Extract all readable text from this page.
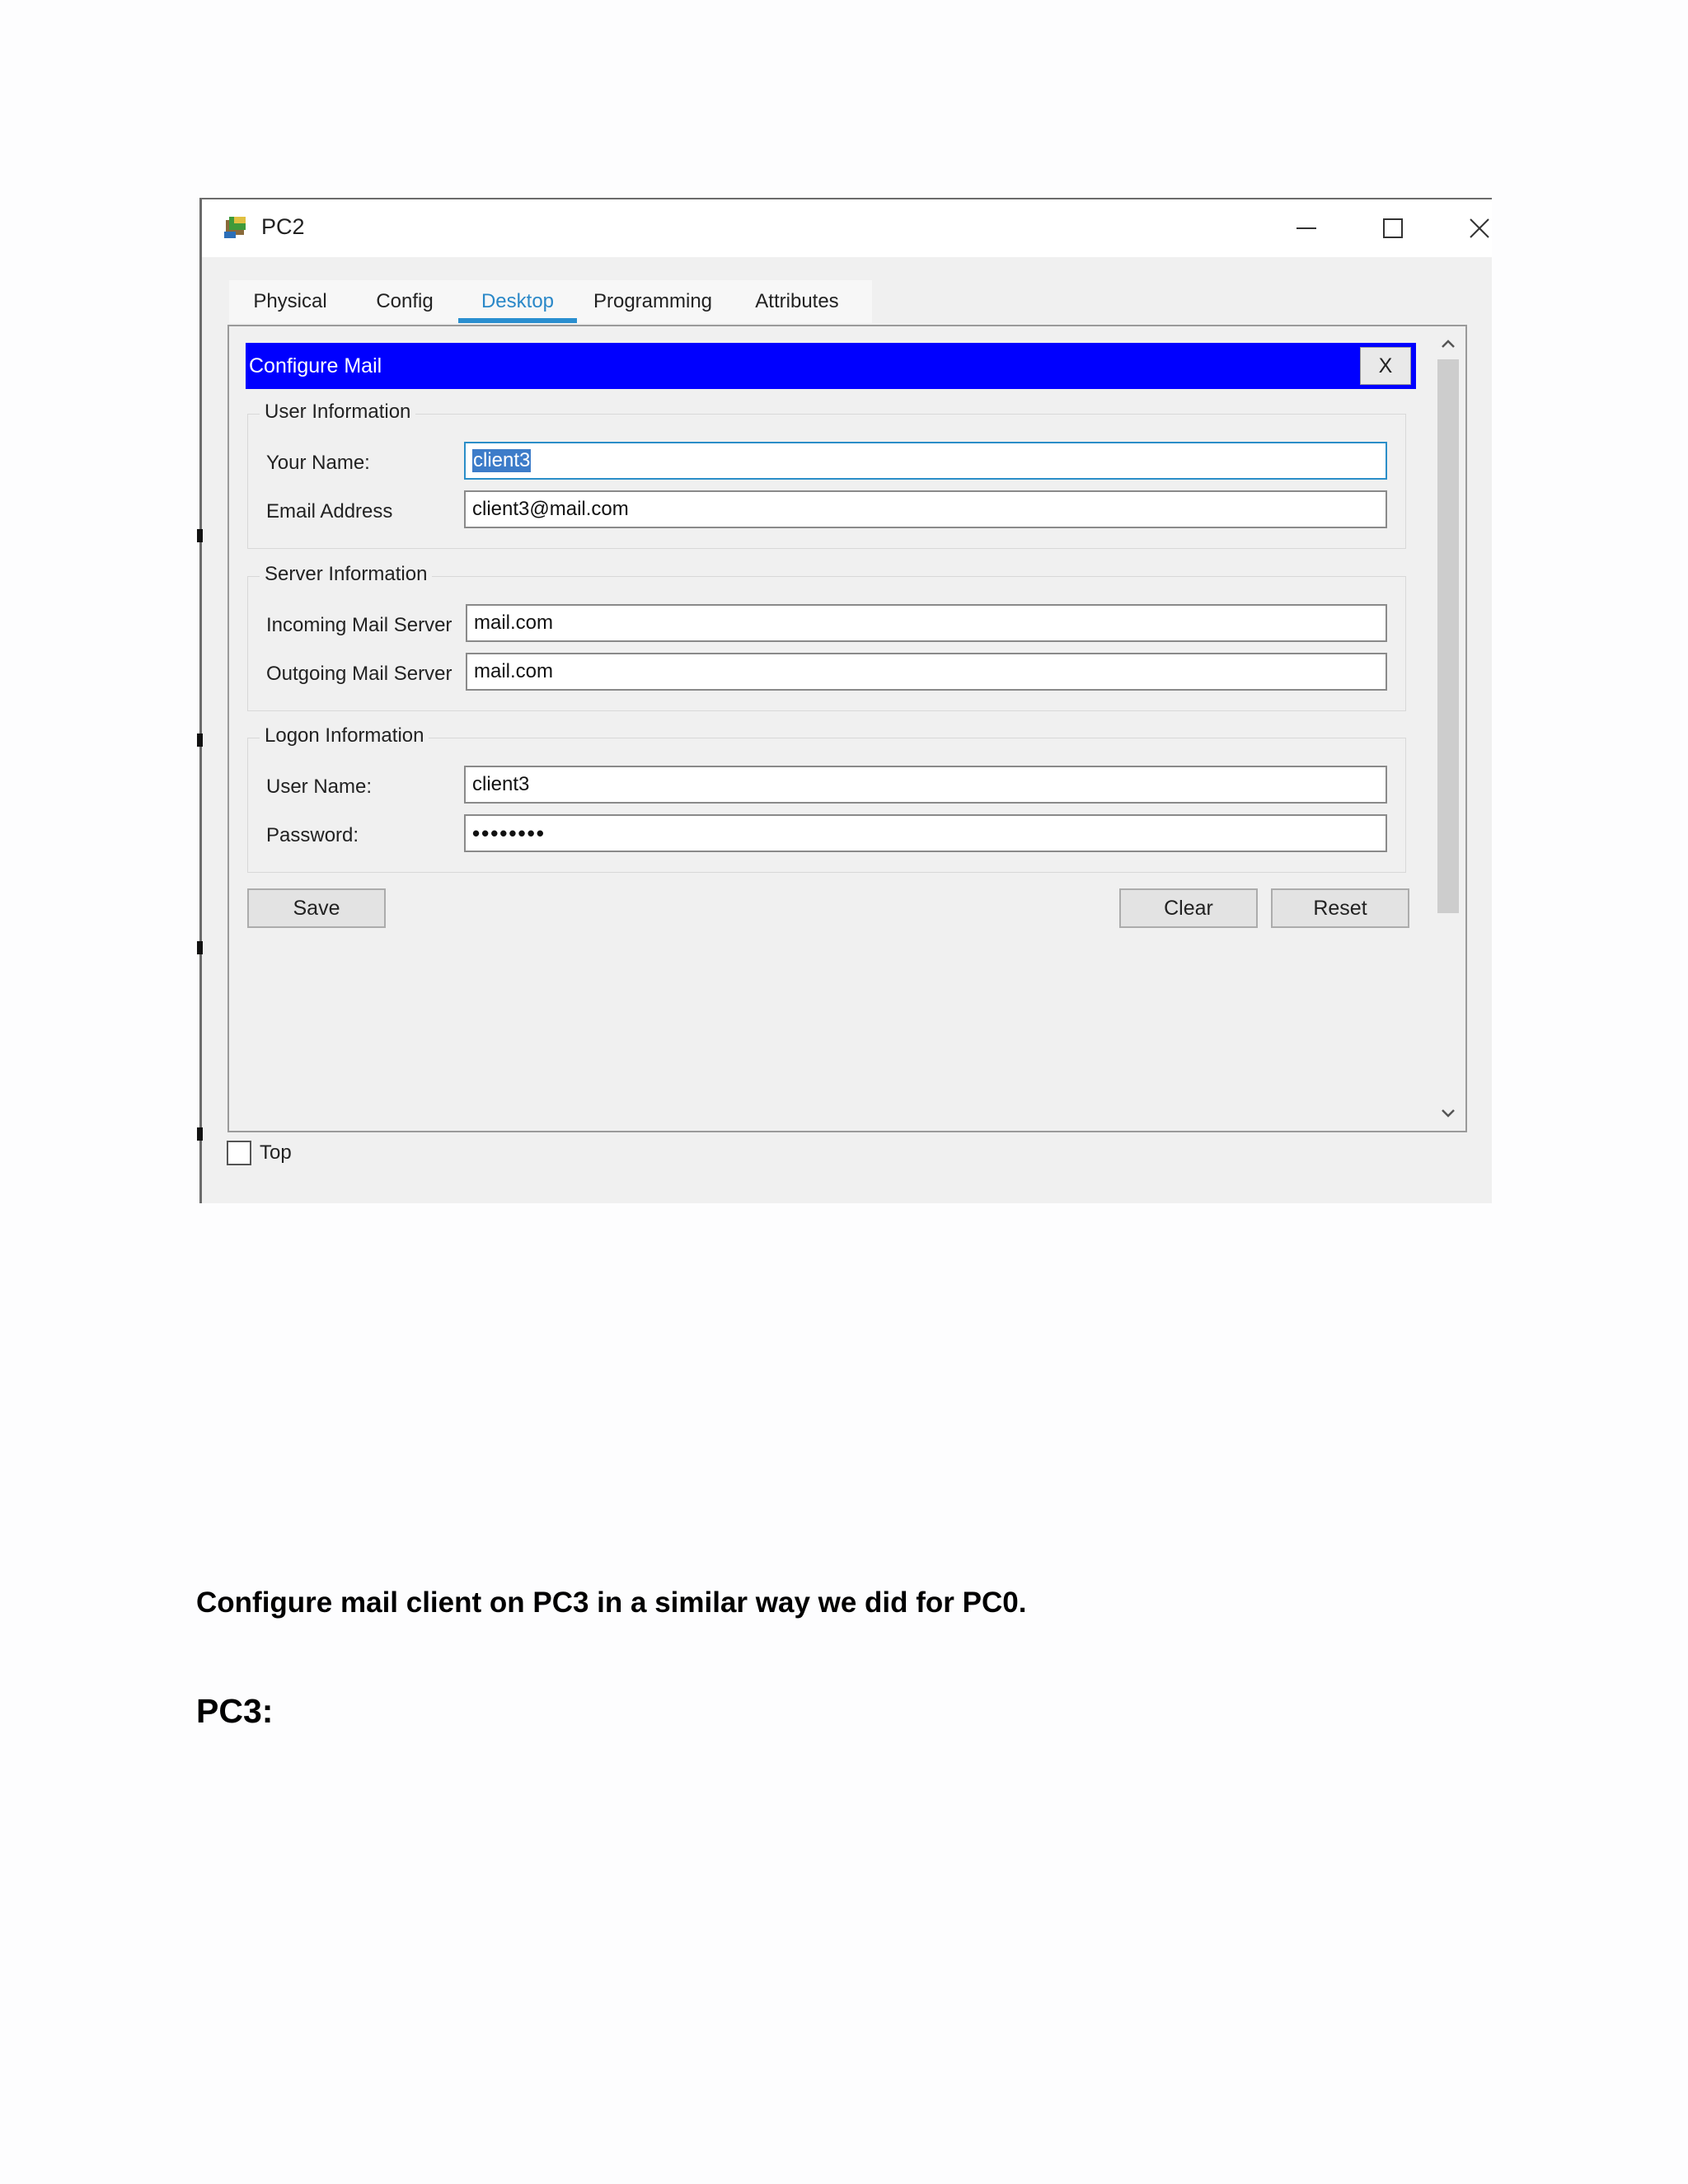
PC2
Physical	Config	Desktop	Programming	Attributes
Configure Mail	X
User Information
Your Name:	client3
Email Address	client3@mail.com
Server Information
Incoming Mail Server	mail.com
Outgoing Mail Server	mail.com
Logon Information
User Name:	client3
Password:	••••••••
Save	Clear	Reset
Top
Configure mail client on PC3 in a similar way we did for PC0.
PC3:
